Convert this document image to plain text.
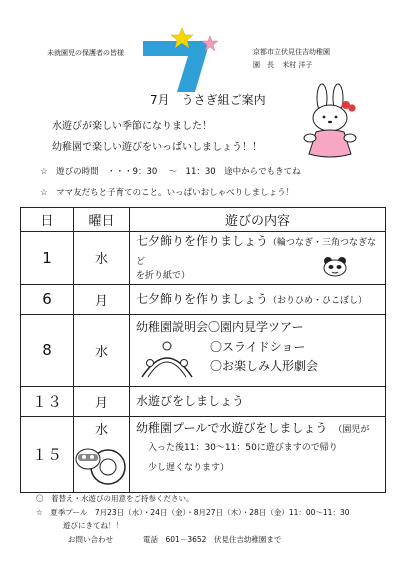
未就園児の保護者の皆様	京都市立伏見住吉幼稚園
園　長 米村 洋子
7月　うさぎ組ご案内
水遊びが楽しい季節になりました！
幼稚園で楽しい遊びをいっぱいしましょう！！
☆　遊びの時間　・・・9：30　 ～　11：30　途中からでもきてね
☆　ママ友だちと子育てのこと。いっぱいおしゃべりしましょう！
日	曜日	遊びの内容
1	水	七夕飾りを作りましょう（輪つなぎ・三角つなぎなど
を折り紙で）

6	月	七夕飾りを作りましょう（おりひめ・ひこぼし）
8	水	幼稚園説明会〇園内見学ツアー
〇スライドショー
〇お楽しみ人形劇会

１３	月	水遊びをしましょう
１５	水	幼稚園プールで水遊びをしましょう （園児が
入った後11：30～11：50に遊びますので帰り
少し遅くなります）
〇　着替え・水遊びの用意をご持参ください。
☆　夏季プール　7月23日（水）・24日（金）・8月27日（木）・28日（金）11：00～11：30
遊びにきてね！！
お問い合わせ	電話　601－3652　伏見住吉幼稚園まで
